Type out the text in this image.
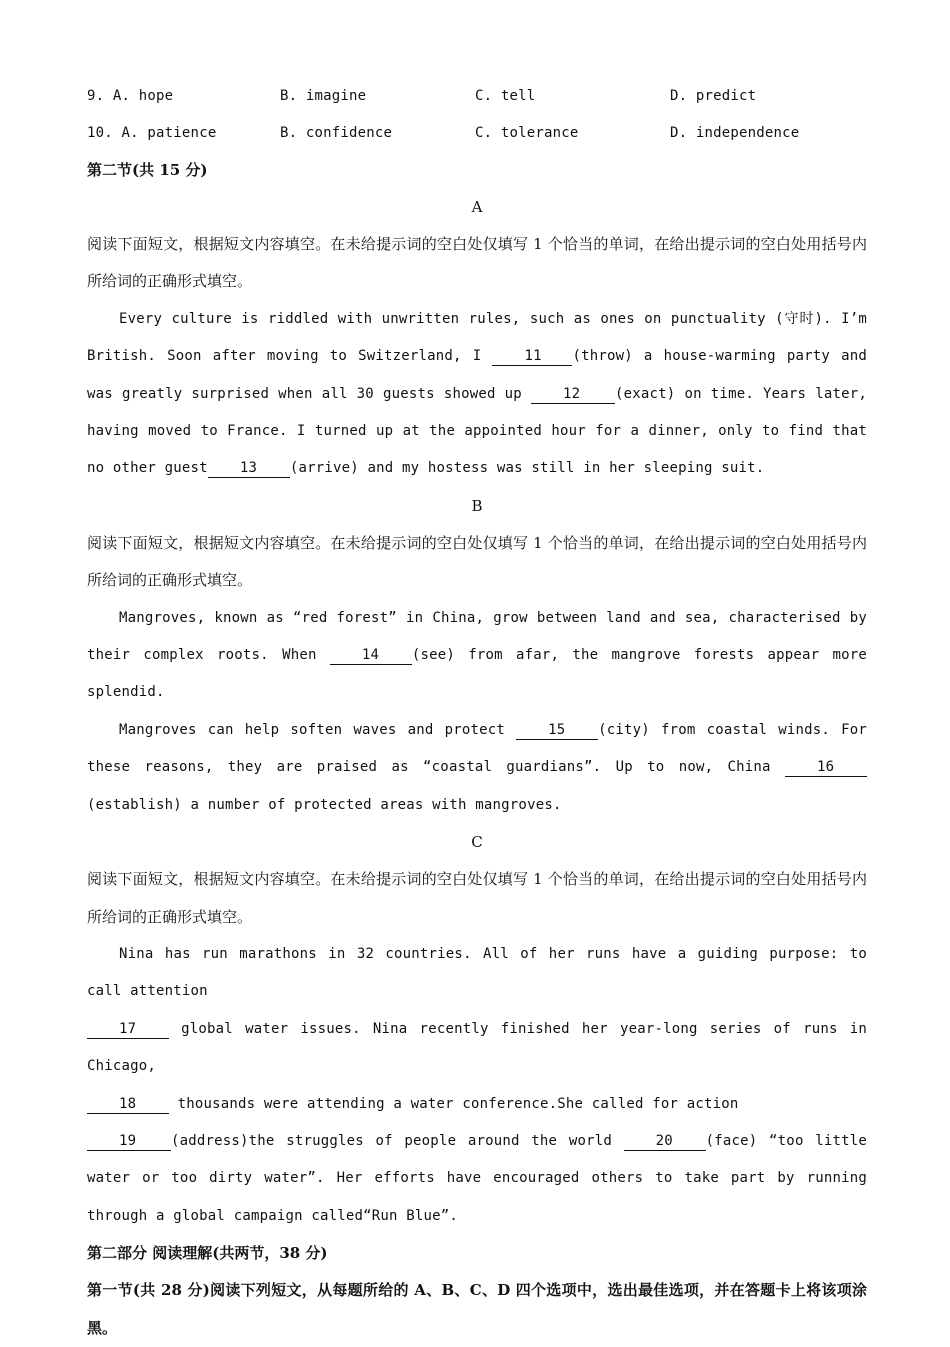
9. A. hope	B. imagine	C. tell	D. predict
10. A. patience	B. confidence	C. tolerance	D. independence
第二节(共 15 分)
A
阅读下面短文，根据短文内容填空。在未给提示词的空白处仅填写 1 个恰当的单词，在给出提示词的空白处用括号内所给词的正确形式填空。
Every culture is riddled with unwritten rules, such as ones on punctuality (守时). I’m British. Soon after moving to Switzerland, I 11 (throw) a house-warming party and was greatly surprised when all 30 guests showed up 12 (exact) on time. Years later, having moved to France. I turned up at the appointed hour for a dinner, only to find that no other guest 13 (arrive) and my hostess was still in her sleeping suit.
B
阅读下面短文，根据短文内容填空。在未给提示词的空白处仅填写 1 个恰当的单词，在给出提示词的空白处用括号内所给词的正确形式填空。
Mangroves, known as “red forest” in China, grow between land and sea, characterised by their complex roots. When 14 (see) from afar, the mangrove forests appear more splendid.
Mangroves can help soften waves and protect 15 (city) from coastal winds. For these reasons, they are praised as “coastal guardians”. Up to now, China 16(establish) a number of protected areas with mangroves.
C
阅读下面短文，根据短文内容填空。在未给提示词的空白处仅填写 1 个恰当的单词，在给出提示词的空白处用括号内所给词的正确形式填空。
Nina has run marathons in 32 countries. All of her runs have a guiding purpose: to call attention
17 global water issues. Nina recently finished her year-long series of runs in Chicago,
18 thousands were attending a water conference.She called for action
19 (address)the struggles of people around the world 20 (face) “too little water or too dirty water”. Her efforts have encouraged others to take part by running through a global campaign called“Run Blue”.
第二部分 阅读理解(共两节，38 分)
第一节(共 28 分)阅读下列短文，从每题所给的 A、B、C、D 四个选项中，选出最佳选项，并在答题卡上将该项涂黑。
